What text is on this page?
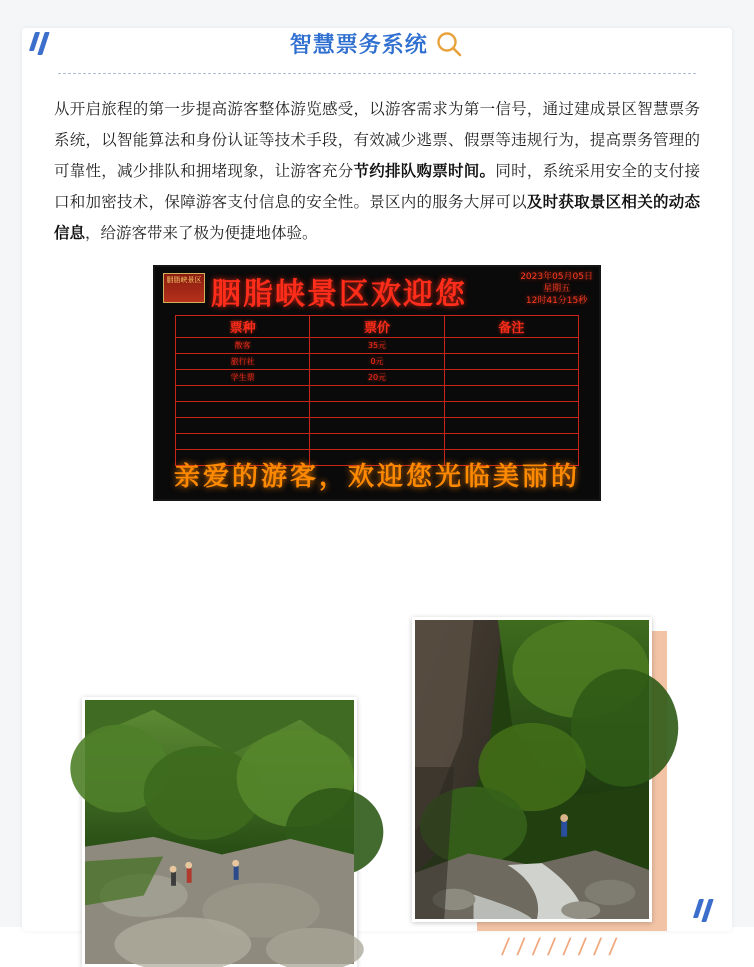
智慧票务系统
从开启旅程的第一步提高游客整体游览感受，以游客需求为第一信号，通过建成景区智慧票务系统，以智能算法和身份认证等技术手段，有效减少逃票、假票等违规行为，提高票务管理的可靠性，减少排队和拥堵现象，让游客充分节约排队购票时间。同时，系统采用安全的支付接口和加密技术，保障游客支付信息的安全性。景区内的服务大屏可以及时获取景区相关的动态信息，给游客带来了极为便捷地体验。
胭脂峡景区 胭脂峡景区欢迎您	2023年05月05日
星期五
12时41分15秒
票种	票价	备注
散客	35元	
旅行社	0元	
学生票	20元	

亲爱的游客，欢迎您光临美丽的
/ / / / / / / /
